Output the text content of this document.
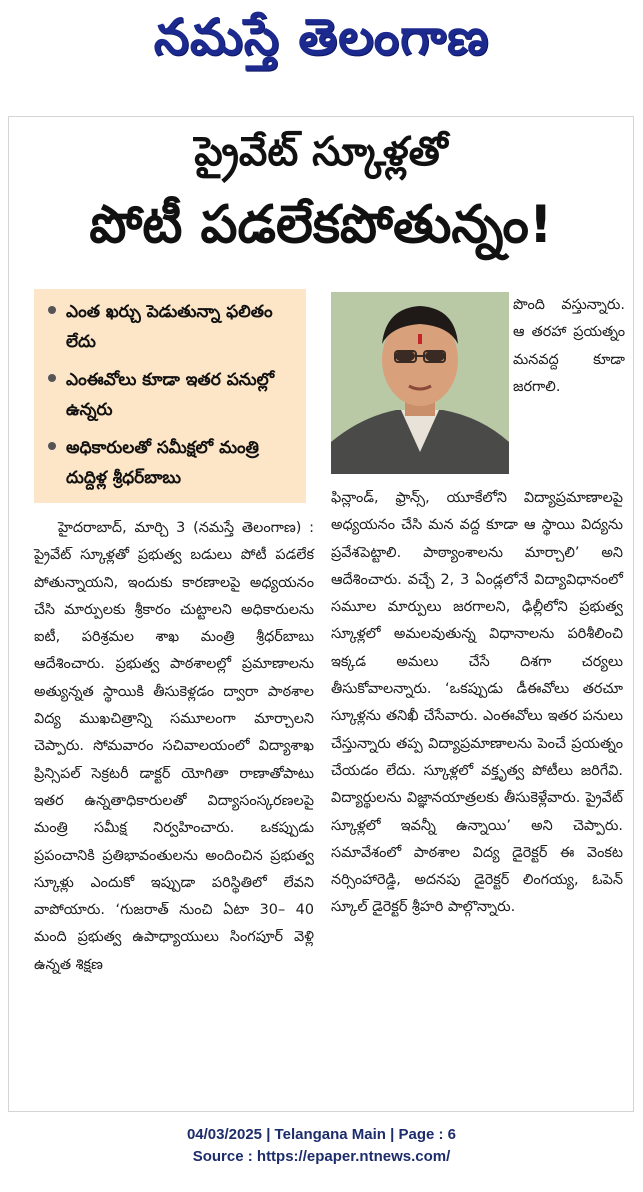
నమస్తే తెలంగాణ
ప్రైవేట్ స్కూళ్లతో
పోటీ పడలేకపోతున్నం!
ఎంత ఖర్చు పెడుతున్నా ఫలితం లేదు
ఎంఈవోలు కూడా ఇతర పనుల్లో ఉన్నరు
అధికారులతో సమీక్షలో మంత్రి దుద్దిళ్ల శ్రీధర్‌బాబు
పొంది వస్తున్నారు. ఆ తరహా ప్రయత్నం మనవద్ద కూడా జరగాలి.
హైదరాబాద్, మార్చి 3 (నమస్తే తెలంగాణ) : ప్రైవేట్ స్కూళ్లతో ప్రభుత్వ బడులు పోటీ పడలేక పోతున్నాయని, ఇందుకు కారణాలపై అధ్యయనం చేసి మార్పులకు శ్రీకారం చుట్టాలని అధికారులను ఐటీ, పరిశ్రమల శాఖ మంత్రి శ్రీధర్‌బాబు ఆదేశించారు. ప్రభుత్వ పాఠశాలల్లో ప్రమాణాలను అత్యున్నత స్థాయికి తీసుకెళ్లడం ద్వారా పాఠశాల విద్య ముఖచిత్రాన్ని సమూలంగా మార్చాలని చెప్పారు. సోమవారం సచివాలయంలో విద్యాశాఖ ప్రిన్సిపల్ సెక్రటరీ డాక్టర్ యోగితా రాణాతోపాటు ఇతర ఉన్నతాధికారులతో విద్యాసంస్కరణలపై మంత్రి సమీక్ష నిర్వహించారు. ఒకప్పుడు ప్రపంచానికి ప్రతిభావంతులను అందించిన ప్రభుత్వ స్కూళ్లు ఎందుకో ఇప్పుడా పరిస్థితిలో లేవని వాపోయారు. ‘గుజరాత్ నుంచి ఏటా 30– 40 మంది ప్రభుత్వ ఉపాధ్యాయులు సింగపూర్ వెళ్లి ఉన్నత శిక్షణ
ఫిన్లాండ్, ఫ్రాన్స్, యూకేలోని విద్యాప్రమాణాలపై అధ్యయనం చేసి మన వద్ద కూడా ఆ స్థాయి విద్యను ప్రవేశపెట్టాలి. పాఠ్యాంశాలను మార్చాలి’ అని ఆదేశించారు. వచ్చే 2, 3 ఏండ్లలోనే విద్యావిధానంలో సమూల మార్పులు జరగాలని, ఢిల్లీలోని ప్రభుత్వ స్కూళ్లలో అమలవుతున్న విధానాలను పరిశీలించి ఇక్కడ అమలు చేసే దిశగా చర్యలు తీసుకోవాలన్నారు. ‘ఒకప్పుడు డీఈవోలు తరచూ స్కూళ్లను తనిఖీ చేసేవారు. ఎంఈవోలు ఇతర పనులు చేస్తున్నారు తప్ప విద్యాప్రమాణాలను పెంచే ప్రయత్నం చేయడం లేదు. స్కూళ్లలో వక్తృత్వ పోటీలు జరిగేవి. విద్యార్థులను విజ్ఞానయాత్రలకు తీసుకెళ్లేవారు. ప్రైవేట్ స్కూళ్లలో ఇవన్నీ ఉన్నాయి’ అని చెప్పారు. సమావేశంలో పాఠశాల విద్య డైరెక్టర్ ఈ వెంకట నర్సింహారెడ్డి, అదనపు డైరెక్టర్ లింగయ్య, ఓపెన్ స్కూల్ డైరెక్టర్ శ్రీహరి పాల్గొన్నారు.
04/03/2025 | Telangana Main | Page : 6
Source : https://epaper.ntnews.com/
